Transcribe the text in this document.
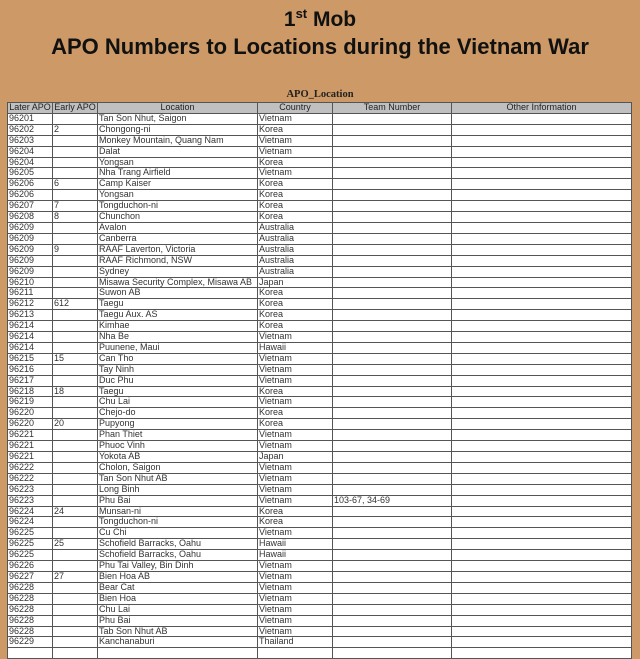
1st Mob
APO Numbers to Locations during the Vietnam War
APO_Location
Later APO	Early APO	Location	Country	Team Number	Other Information
96201		Tan Son Nhut, Saigon	Vietnam		
96202	2	Chongong-ni	Korea		
96203		Monkey Mountain, Quang Nam	Vietnam		
96204		Dalat	Vietnam		
96204		Yongsan	Korea		
96205		Nha Trang Airfield	Vietnam		
96206	6	Camp Kaiser	Korea		
96206		Yongsan	Korea		
96207	7	Tongduchon-ni	Korea		
96208	8	Chunchon	Korea		
96209		Avalon	Australia		
96209		Canberra	Australia		
96209	9	RAAF Laverton, Victoria	Australia		
96209		RAAF Richmond, NSW	Australia		
96209		Sydney	Australia		
96210		Misawa Security Complex, Misawa AB	Japan		
96211		Suwon AB	Korea		
96212	612	Taegu	Korea		
96213		Taegu Aux. AS	Korea		
96214		Kimhae	Korea		
96214		Nha Be	Vietnam		
96214		Puunene, Maui	Hawaii		
96215	15	Can Tho	Vietnam		
96216		Tay Ninh	Vietnam		
96217		Duc Phu	Vietnam		
96218	18	Taegu	Korea		
96219		Chu Lai	Vietnam		
96220		Chejo-do	Korea		
96220	20	Pupyong	Korea		
96221		Phan Thiet	Vietnam		
96221		Phuoc Vinh	Vietnam		
96221		Yokota AB	Japan		
96222		Cholon, Saigon	Vietnam		
96222		Tan Son Nhut AB	Vietnam		
96223		Long Binh	Vietnam		
96223		Phu Bai	Vietnam	103-67, 34-69	
96224	24	Munsan-ni	Korea		
96224		Tongduchon-ni	Korea		
96225		Cu Chi	Vietnam		
96225	25	Schofield Barracks, Oahu	Hawaii		
96225		Schofield Barracks, Oahu	Hawaii		
96226		Phu Tai Valley, Bin Dinh	Vietnam		
96227	27	Bien Hoa AB	Vietnam		
96228		Bear Cat	Vietnam		
96228		Bien Hoa	Vietnam		
96228		Chu Lai	Vietnam		
96228		Phu Bai	Vietnam		
96228		Tab Son Nhut AB	Vietnam		
96229		Kanchanaburi	Thailand		
